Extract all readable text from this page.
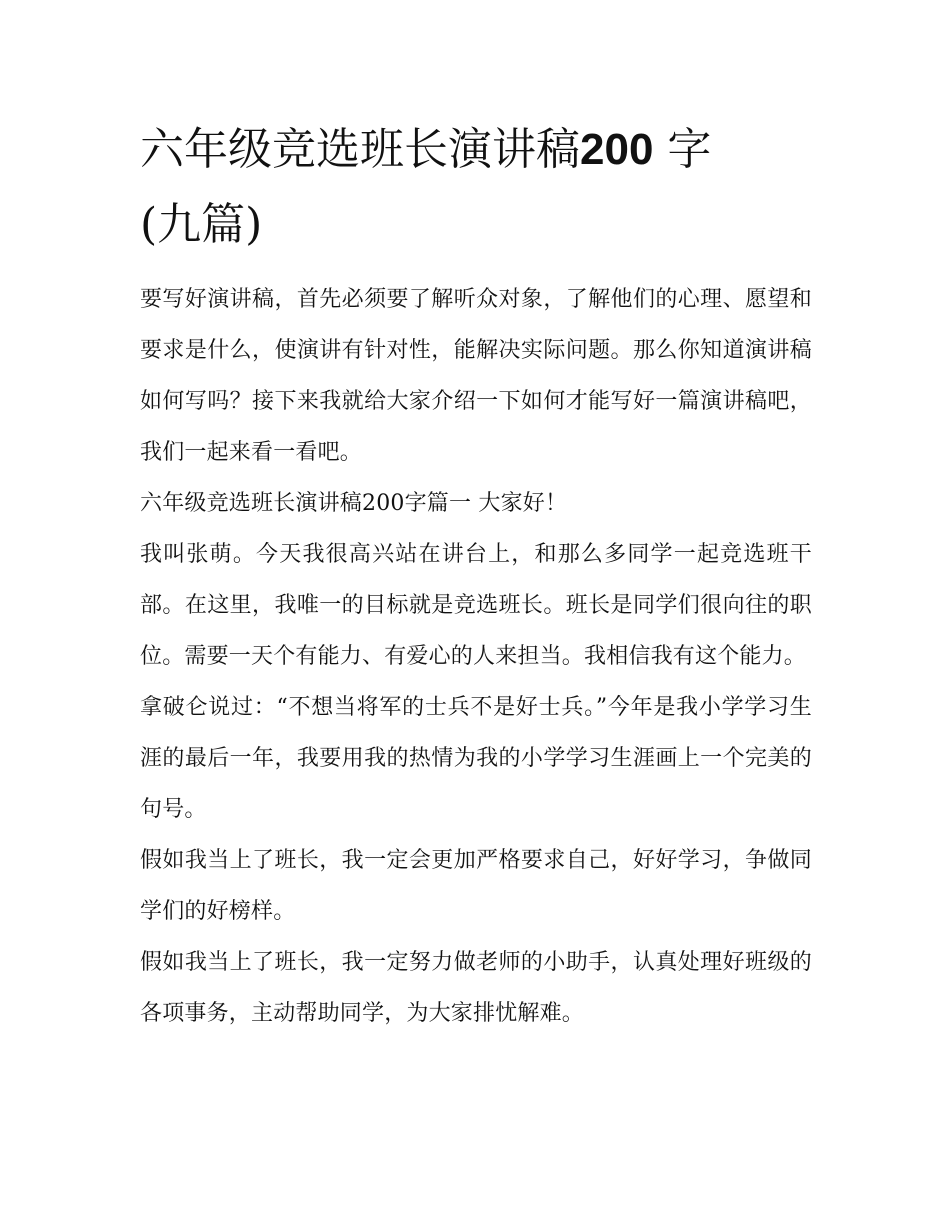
六年级竞选班长演讲稿200 字
(九篇)

要写好演讲稿，首先必须要了解听众对象，了解他们的心理、愿望和要求是什么，使演讲有针对性，能解决实际问题。那么你知道演讲稿如何写吗？接下来我就给大家介绍一下如何才能写好一篇演讲稿吧，我们一起来看一看吧。

六年级竞选班长演讲稿200字篇一 大家好！

我叫张萌。今天我很高兴站在讲台上，和那么多同学一起竞选班干部。在这里，我唯一的目标就是竞选班长。班长是同学们很向往的职位。需要一天个有能力、有爱心的人来担当。我相信我有这个能力。

拿破仑说过：“不想当将军的士兵不是好士兵。”今年是我小学学习生涯的最后一年，我要用我的热情为我的小学学习生涯画上一个完美的句号。

假如我当上了班长，我一定会更加严格要求自己，好好学习，争做同学们的好榜样。

假如我当上了班长，我一定努力做老师的小助手，认真处理好班级的各项事务，主动帮助同学，为大家排忧解难。
